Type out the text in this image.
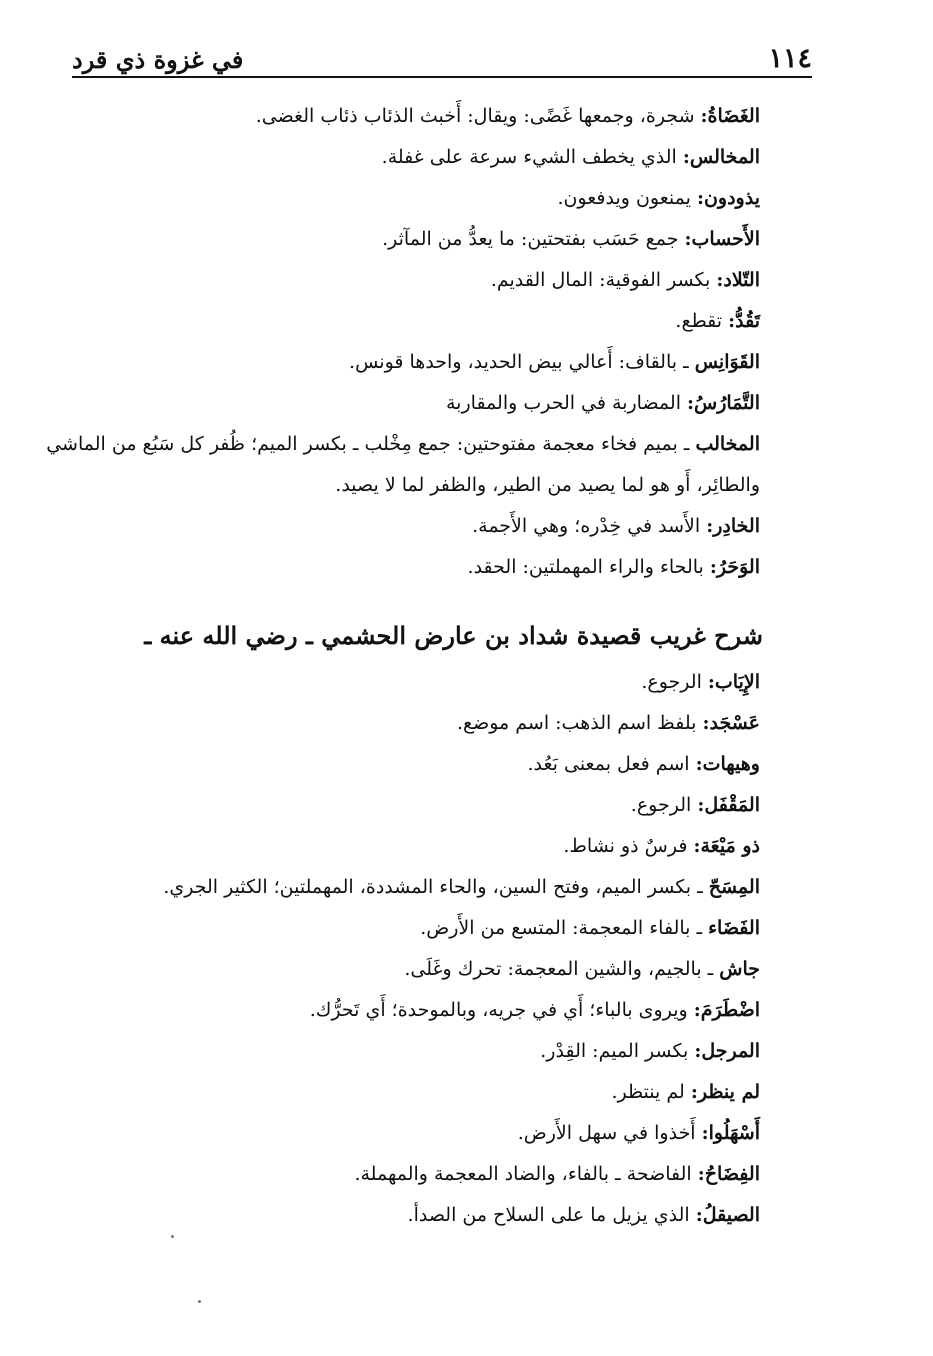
١١٤
في غزوة ذي قرد

الغَضَاةُ: شجرة، وجمعها غَضًى: ويقال: أَخبث الذئاب ذئاب الغضى.

المخالس: الذي يخطف الشيء سرعة على غفلة.

يذودون: يمنعون ويدفعون.

الأَحساب: جمع حَسَب بفتحتين: ما يعدُّ من المآثر.

التّلاد: بكسر الفوقية: المال القديم.

تَقُدُّ: تقطع.

القَوَانِس ـ بالقاف: أَعالي بيض الحديد، واحدها قونس.

التَّمَارُسُ: المضاربة في الحرب والمقاربة

المخالب ـ بميم فخاء معجمة مفتوحتين: جمع مِخْلب ـ بكسر الميم؛ ظُفر كل سَبُع من الماشي والطائِر، أَو هو لما يصيد من الطير، والظفر لما لا يصيد.

الخادِر: الأَسد في خِدْره؛ وهي الأَجمة.

الوَحَرُ: بالحاء والراء المهملتين: الحقد.

شرح غريب قصيدة شداد بن عارض الحشمي ـ رضي الله عنه ـ

الإِيَاب: الرجوع.

عَسْجَد: بلفظ اسم الذهب: اسم موضع.

وهيهات: اسم فعل بمعنى بَعُد.

المَقْفَل: الرجوع.

ذو مَيْعَة: فرسٌ ذو نشاط.

المِسَحّ ـ بكسر الميم، وفتح السين، والحاء المشددة، المهملتين؛ الكثير الجري.

الفَضَاء ـ بالفاء المعجمة: المتسع من الأَرض.

جاش ـ بالجيم، والشين المعجمة: تحرك وغَلَى.

اضْطَرَمَ: ويروى بالباء؛ أَي في جريه، وبالموحدة؛ أَي تَحرُّك.

المرجل: بكسر الميم: القِدْر.

لم ينظر: لم ينتظر.

أَسْهَلُوا: أَخذوا في سهل الأَرض.

الفِضَاحُ: الفاضحة ـ بالفاء، والضاد المعجمة والمهملة.

الصيقلُ: الذي يزيل ما على السلاح من الصدأ.
